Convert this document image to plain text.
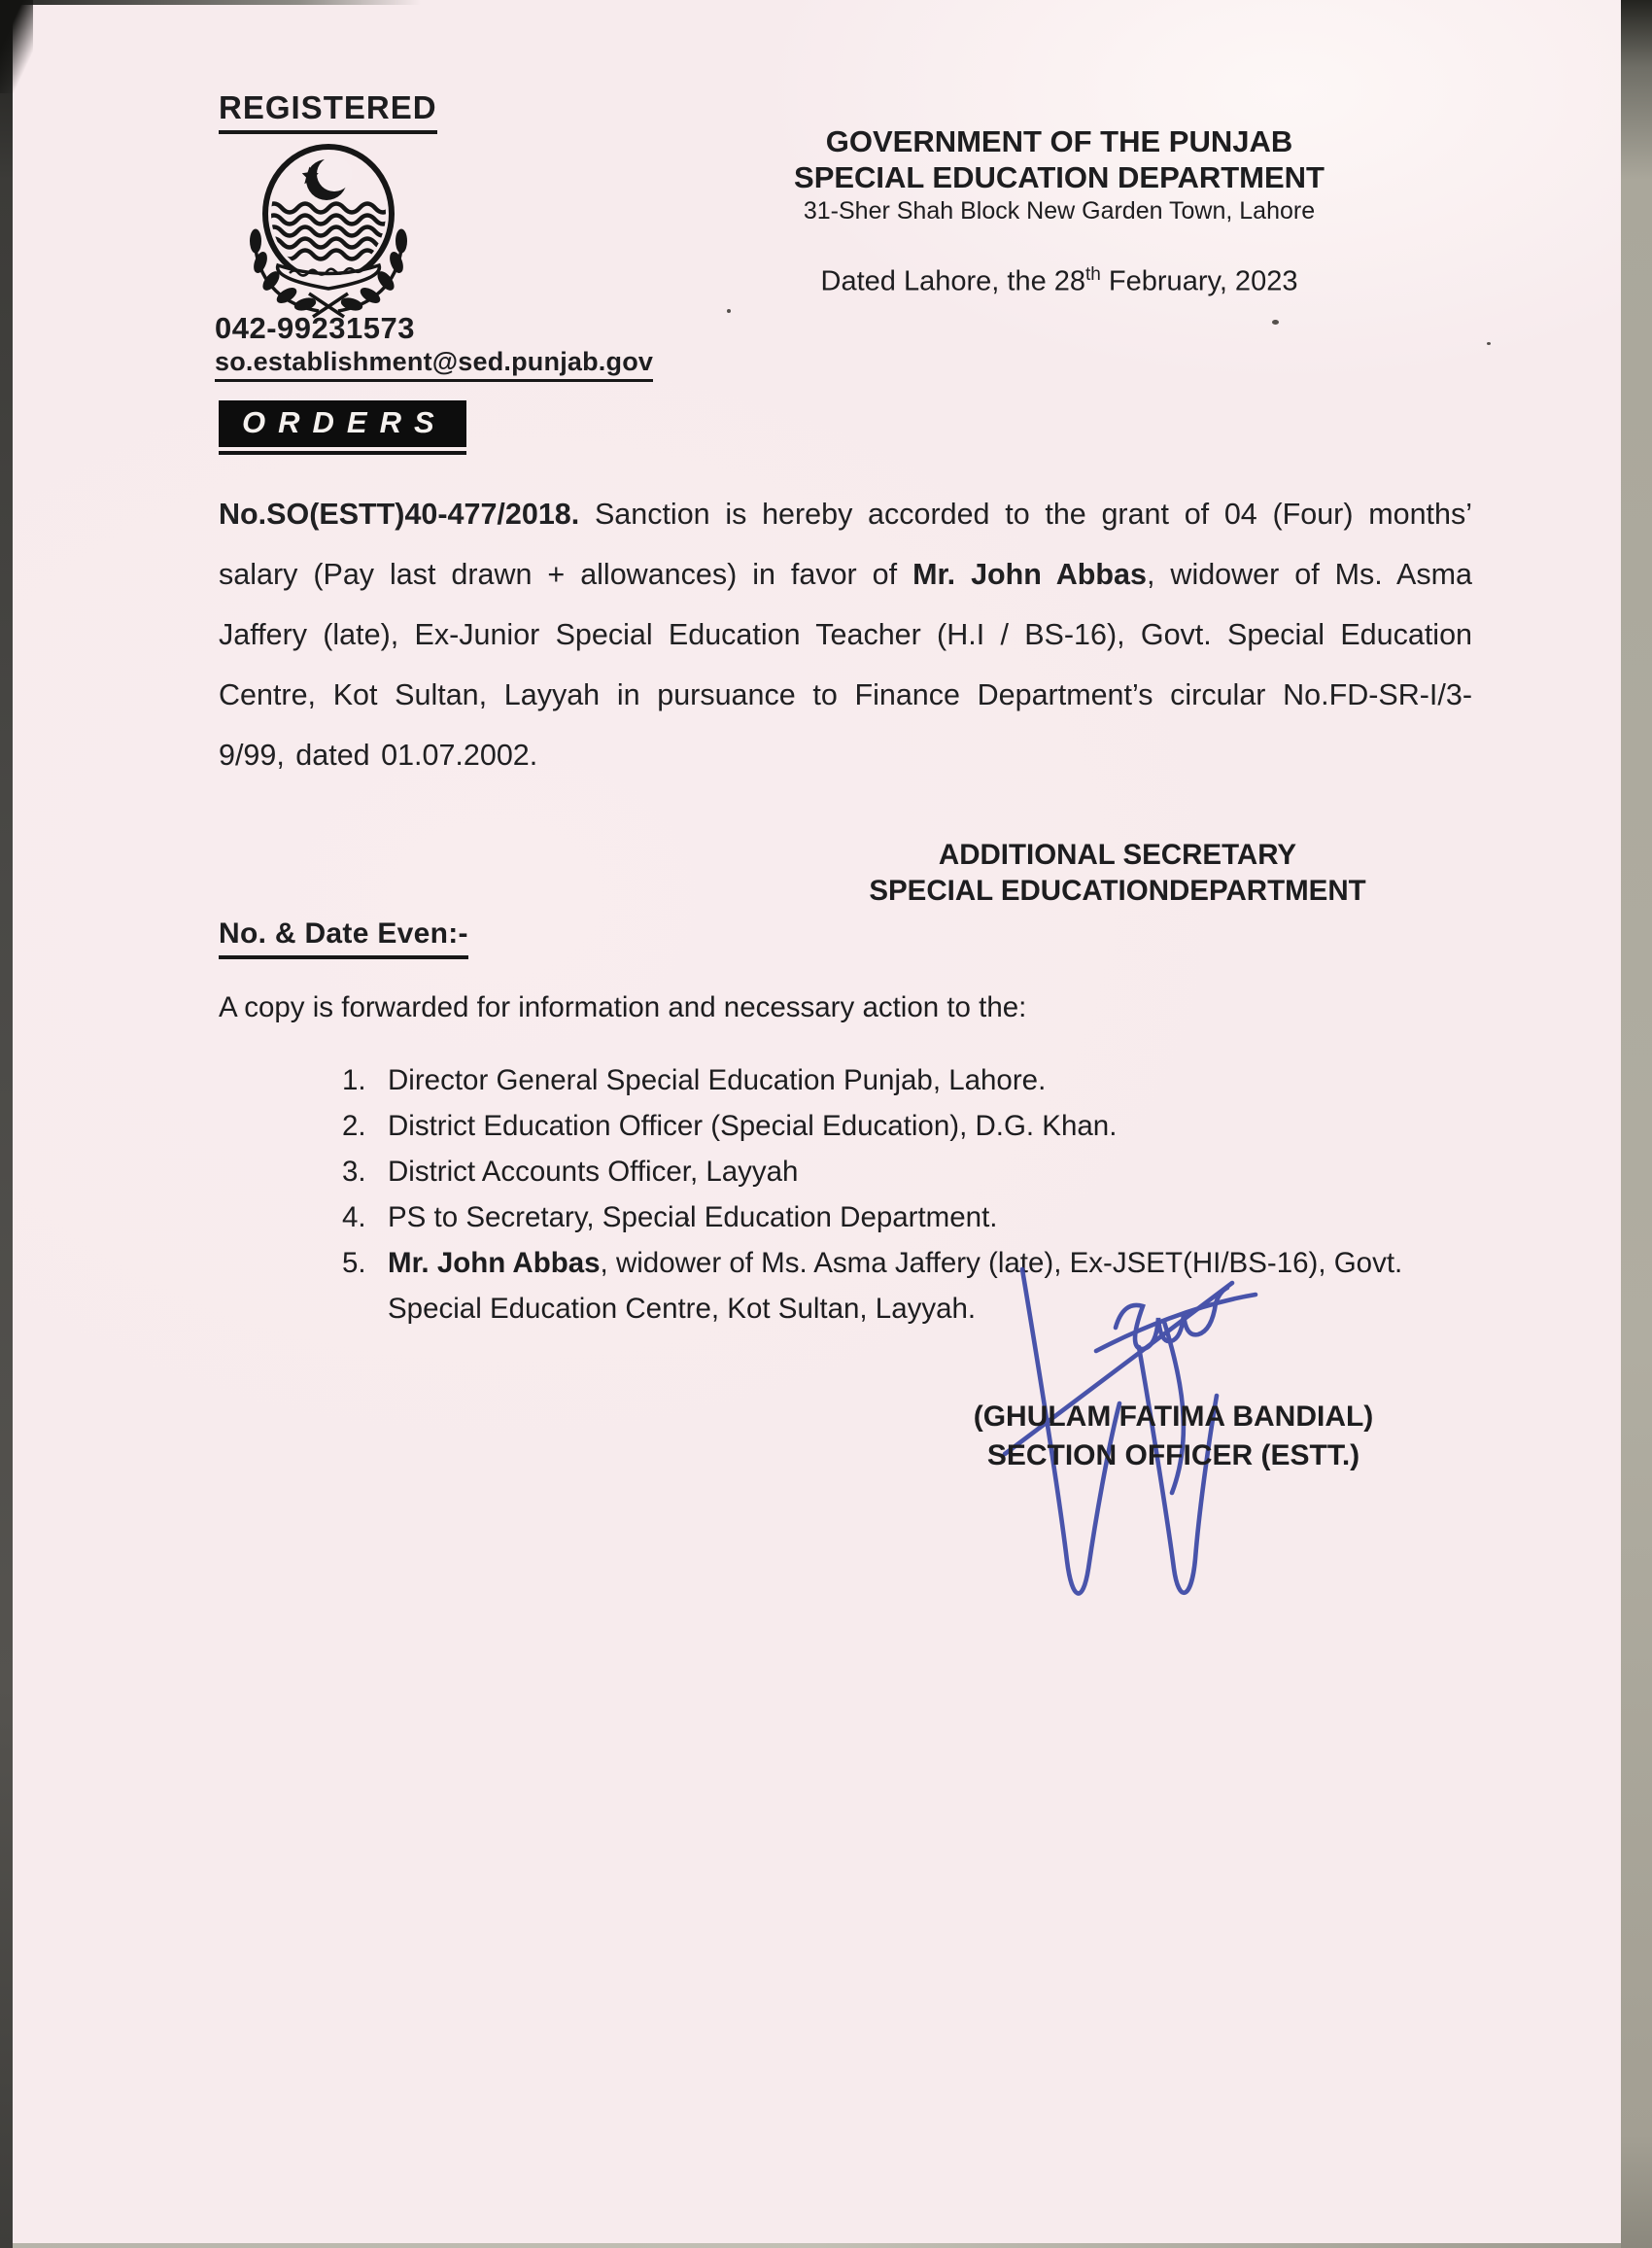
REGISTERED
042-99231573
so.establishment@sed.punjab.gov
GOVERNMENT OF THE PUNJAB
SPECIAL EDUCATION DEPARTMENT
31-Sher Shah Block New Garden Town, Lahore
Dated Lahore, the 28th February, 2023
ORDERS
No.SO(ESTT)40-477/2018. Sanction is hereby accorded to the grant of 04 (Four) months’ salary (Pay last drawn + allowances) in favor of Mr. John Abbas, widower of Ms. Asma Jaffery (late), Ex-Junior Special Education Teacher (H.I / BS-16), Govt. Special Education Centre, Kot Sultan, Layyah in pursuance to Finance Department’s circular No.FD-SR-I/3-9/99, dated 01.07.2002.
ADDITIONAL SECRETARY
SPECIAL EDUCATIONDEPARTMENT
No. & Date Even:-
A copy is forwarded for information and necessary action to the:
1. Director General Special Education Punjab, Lahore.
2. District Education Officer (Special Education), D.G. Khan.
3. District Accounts Officer, Layyah
4. PS to Secretary, Special Education Department.
5. Mr. John Abbas, widower of Ms. Asma Jaffery (late), Ex-JSET(HI/BS-16), Govt. Special Education Centre, Kot Sultan, Layyah.
(GHULAM FATIMA BANDIAL)
SECTION OFFICER (ESTT.)
